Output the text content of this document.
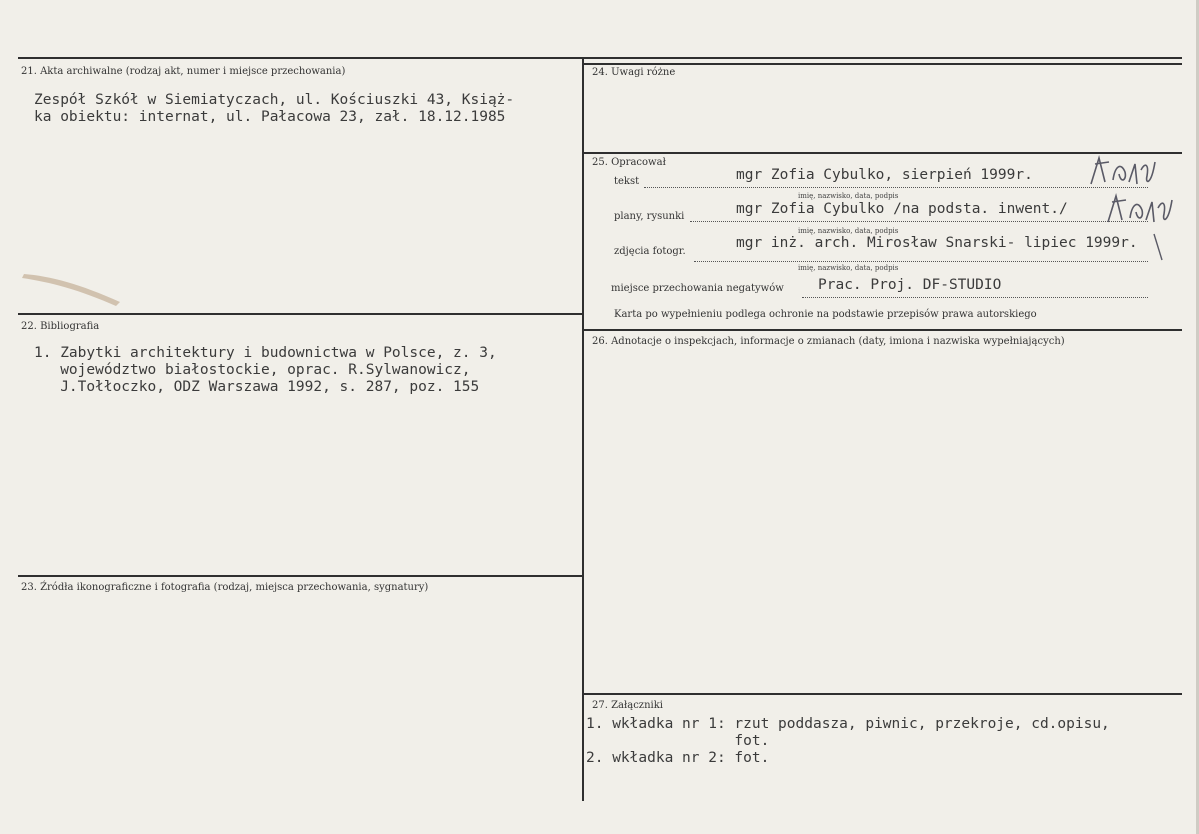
21. Akta archiwalne (rodzaj akt, numer i miejsce przechowania)
Zespół Szkół w Siemiatyczach, ul. Kościuszki 43, Książ-
ka obiektu: internat, ul. Pałacowa 23, zał. 18.12.1985
22. Bibliografia
1. Zabytki architektury i budownictwa w Polsce, z. 3,
województwo białostockie, oprac. R.Sylwanowicz,
J.Tołłoczko, ODZ Warszawa 1992, s. 287, poz. 155
23. Źródła ikonograficzne i fotografia (rodzaj, miejsca przechowania, sygnatury)
24. Uwagi różne
25. Opracował
tekst	mgr Zofia Cybulko, sierpień 1999r.
imię, nazwisko, data, podpis
plany, rysunki	mgr Zofia Cybulko /na podsta. inwent./
imię, nazwisko, data, podpis
zdjęcia fotogr.
mgr inż. arch. Mirosław Snarski- lipiec 1999r.
imię, nazwisko, data, podpis
miejsce przechowania negatywów Prac. Proj. DF-STUDIO
Karta po wypełnieniu podlega ochronie na podstawie przepisów prawa autorskiego
26. Adnotacje o inspekcjach, informacje o zmianach (daty, imiona i nazwiska wypełniających)
27. Załączniki
1. wkładka nr 1: rzut poddasza, piwnic, przekroje, cd.opisu,
fot.
2. wkładka nr 2: fot.
